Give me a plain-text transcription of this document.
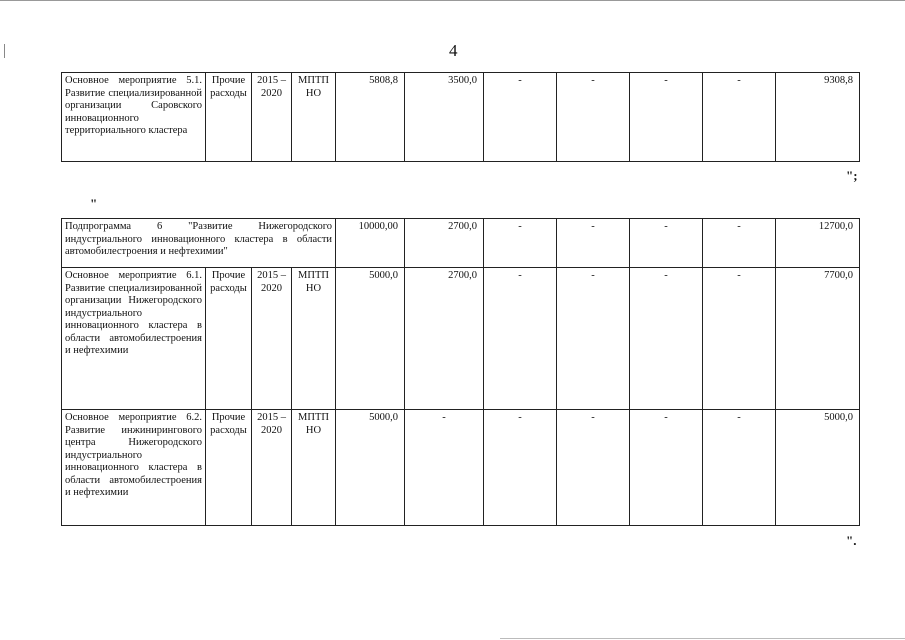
4
Основное мероприятие 5.1. Развитие специализированной организации Саровского инновационного территориального кластера	Прочие расходы	2015 – 2020	МПТП НО	5808,8	3500,0	-	-	-	-	9308,8
";
"
Подпрограмма 6 "Развитие Нижегородского индустриального инновационного кластера в области автомобилестроения и нефтехимии"				10000,00	2700,0	-	-	-	-	12700,0
Основное мероприятие 6.1. Развитие специализированной организации Нижегородского индустриального инновационного кластера в области автомобилестроения и нефтехимии	Прочие расходы	2015 – 2020	МПТП НО	5000,0	2700,0	-	-	-	-	7700,0
Основное мероприятие 6.2. Развитие инжинирингового центра Нижегородского индустриального инновационного кластера в области автомобилестроения и нефтехимии	Прочие расходы	2015 – 2020	МПТП НО	5000,0	-	-	-	-	-	5000,0
".
